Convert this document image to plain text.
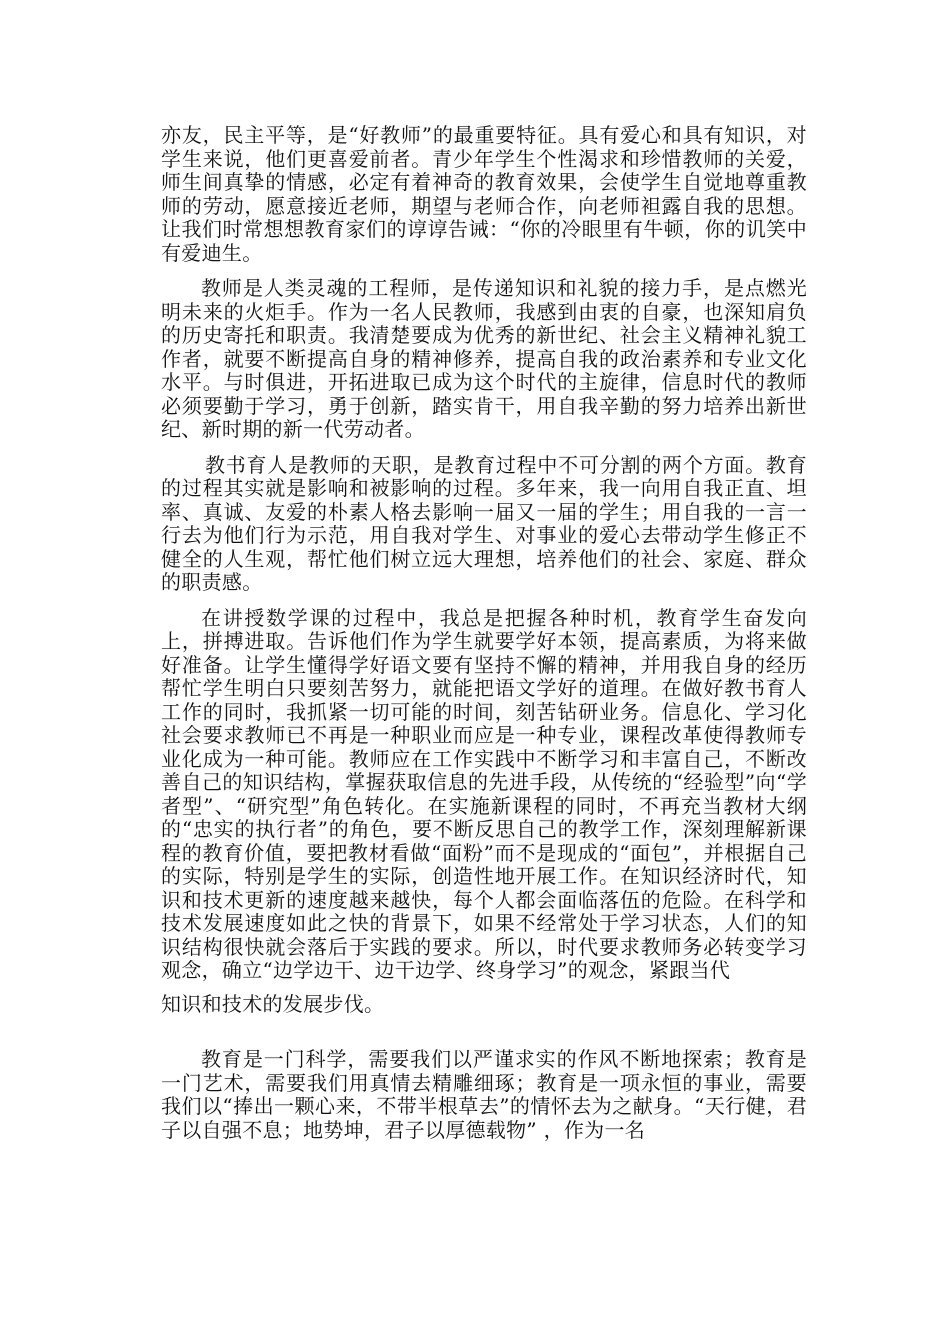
亦友，民主平等，是“好教师”的最重要特征。具有爱心和具有知识，对学生来说，他们更喜爱前者。青少年学生个性渴求和珍惜教师的关爱，师生间真挚的情感，必定有着神奇的教育效果，会使学生自觉地尊重教师的劳动，愿意接近老师，期望与老师合作，向老师袒露自我的思想。让我们时常想想教育家们的谆谆告诫：“你的冷眼里有牛顿，你的讥笑中有爱迪生。

教师是人类灵魂的工程师，是传递知识和礼貌的接力手，是点燃光明未来的火炬手。作为一名人民教师，我感到由衷的自豪，也深知肩负的历史寄托和职责。我清楚要成为优秀的新世纪、社会主义精神礼貌工作者，就要不断提高自身的精神修养，提高自我的政治素养和专业文化水平。与时俱进，开拓进取已成为这个时代的主旋律，信息时代的教师必须要勤于学习，勇于创新，踏实肯干，用自我辛勤的努力培养出新世纪、新时期的新一代劳动者。

教书育人是教师的天职，是教育过程中不可分割的两个方面。教育的过程其实就是影响和被影响的过程。多年来，我一向用自我正直、坦率、真诚、友爱的朴素人格去影响一届又一届的学生；用自我的一言一行去为他们行为示范，用自我对学生、对事业的爱心去带动学生修正不健全的人生观，帮忙他们树立远大理想，培养他们的社会、家庭、群众的职责感。

在讲授数学课的过程中，我总是把握各种时机，教育学生奋发向上，拼搏进取。告诉他们作为学生就要学好本领，提高素质，为将来做好准备。让学生懂得学好语文要有坚持不懈的精神，并用我自身的经历帮忙学生明白只要刻苦努力，就能把语文学好的道理。在做好教书育人工作的同时，我抓紧一切可能的时间，刻苦钻研业务。信息化、学习化社会要求教师已不再是一种职业而应是一种专业，课程改革使得教师专业化成为一种可能。教师应在工作实践中不断学习和丰富自己，不断改善自己的知识结构，掌握获取信息的先进手段，从传统的“经验型”向“学者型”、“研究型”角色转化。在实施新课程的同时，不再充当教材大纲的“忠实的执行者”的角色，要不断反思自己的教学工作，深刻理解新课程的教育价值，要把教材看做“面粉”而不是现成的“面包”，并根据自己的实际，特别是学生的实际，创造性地开展工作。在知识经济时代，知识和技术更新的速度越来越快，每个人都会面临落伍的危险。在科学和技术发展速度如此之快的背景下，如果不经常处于学习状态，人们的知识结构很快就会落后于实践的要求。所以，时代要求教师务必转变学习观念，确立“边学边干、边干边学、终身学习”的观念，紧跟当代

知识和技术的发展步伐。

教育是一门科学，需要我们以严谨求实的作风不断地探索；教育是一门艺术，需要我们用真情去精雕细琢；教育是一项永恒的事业，需要我们以“捧出一颗心来，不带半根草去”的情怀去为之献身。“天行健，君子以自强不息；地势坤，君子以厚德载物” ，作为一名
